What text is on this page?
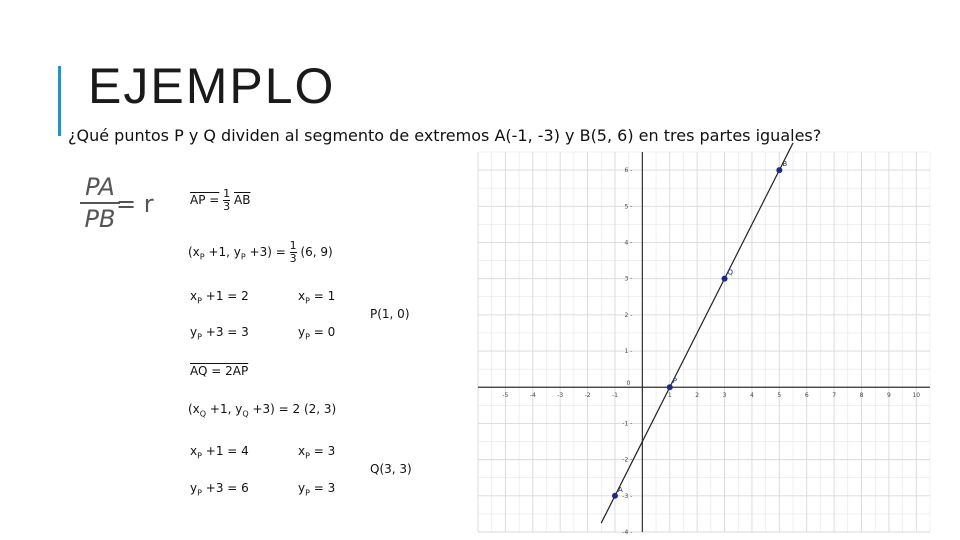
EJEMPLO
¿Qué puntos P y Q dividen al segmento de extremos A(-1, -3) y B(5, 6) en tres partes iguales?
PA
PB
= r	AP = $\frac{1}{3} \overline{AB}$
($x_P +1$, $y_P +3) = \frac{1}{3} (6$, 9)
$x_P +1 = 2$	$x_P = 1$
$y_P +3 = 3$	$y_P = 0$
P(1, 0)
AQ = 2AP
($x_Q +1$, $y_Q +3) = 2$ (2, 3)
$x_P +1 = 4$	$x_P = 3$
Q(3, 3)
$y_P +3 = 6$	$y_P = 3$
-5	-4	-3	-2	-1	1	2	3	4	5	6	7	8	9	10
-4 -
-3 -
-2 -
-1 -
1 -
2 -
3 -
4 -
5 -
6 -
0
A
P
Q
B
